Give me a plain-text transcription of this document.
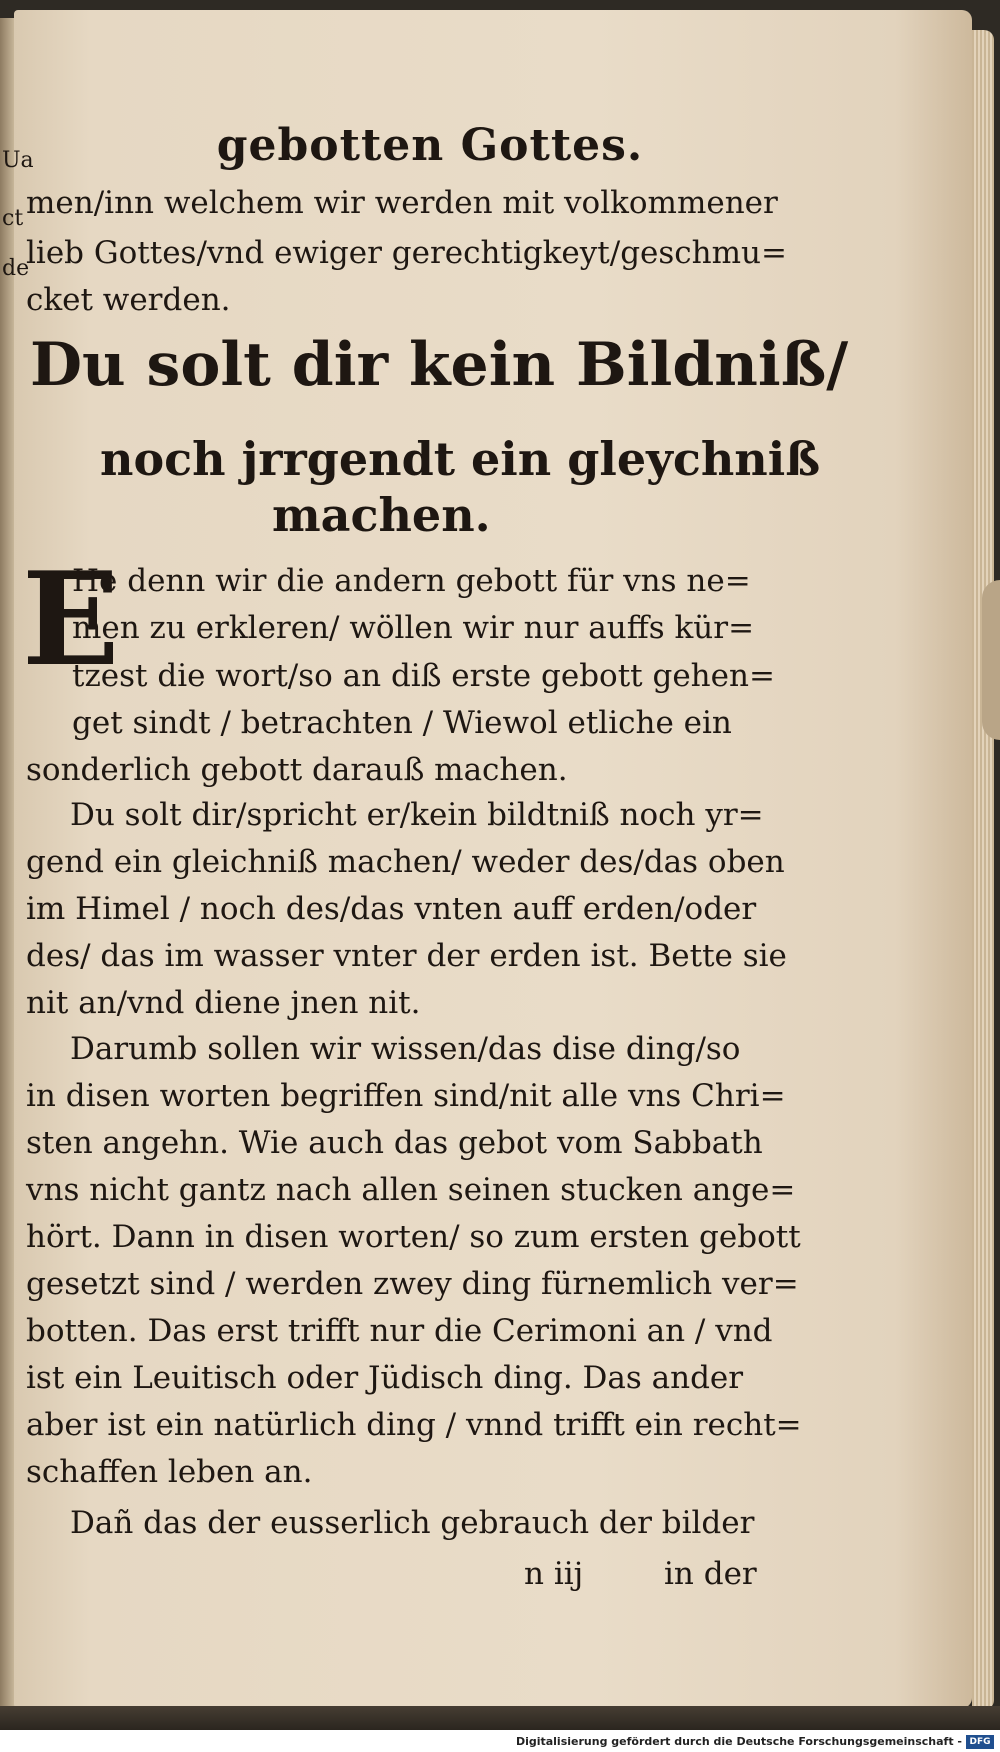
Ua
ct
de
gebotten Gottes.
men/inn welchem wir werden mit volkommener
lieb Gottes/vnd ewiger gerechtigkeyt/geschmu=
cket werden.
Du solt dir kein Bildniß/
noch jrrgendt ein gleychniß
machen.
E
He denn wir die andern gebott für vns ne=
men zu erkleren/ wöllen wir nur auffs kür=
tzest die wort/so an diß erste gebott gehen=
get sindt / betrachten / Wiewol etliche ein
sonderlich gebott darauß machen.
Du solt dir/spricht er/kein bildtniß noch yr=
gend ein gleichniß machen/ weder des/das oben
im Himel / noch des/das vnten auff erden/oder
des/ das im wasser vnter der erden ist. Bette sie
nit an/vnd diene jnen nit.
Darumb sollen wir wissen/das dise ding/so
in disen worten begriffen sind/nit alle vns Chri=
sten angehn. Wie auch das gebot vom Sabbath
vns nicht gantz nach allen seinen stucken ange=
hört. Dann in disen worten/ so zum ersten gebott
gesetzt sind / werden zwey ding fürnemlich ver=
botten. Das erst trifft nur die Cerimoni an / vnd
ist ein Leuitisch oder Jüdisch ding. Das ander
aber ist ein natürlich ding / vnnd trifft ein recht=
schaffen leben an.
Dañ das der eusserlich gebrauch der bilder
n iij	in der
Digitalisierung gefördert durch die Deutsche Forschungsgemeinschaft - DFG
